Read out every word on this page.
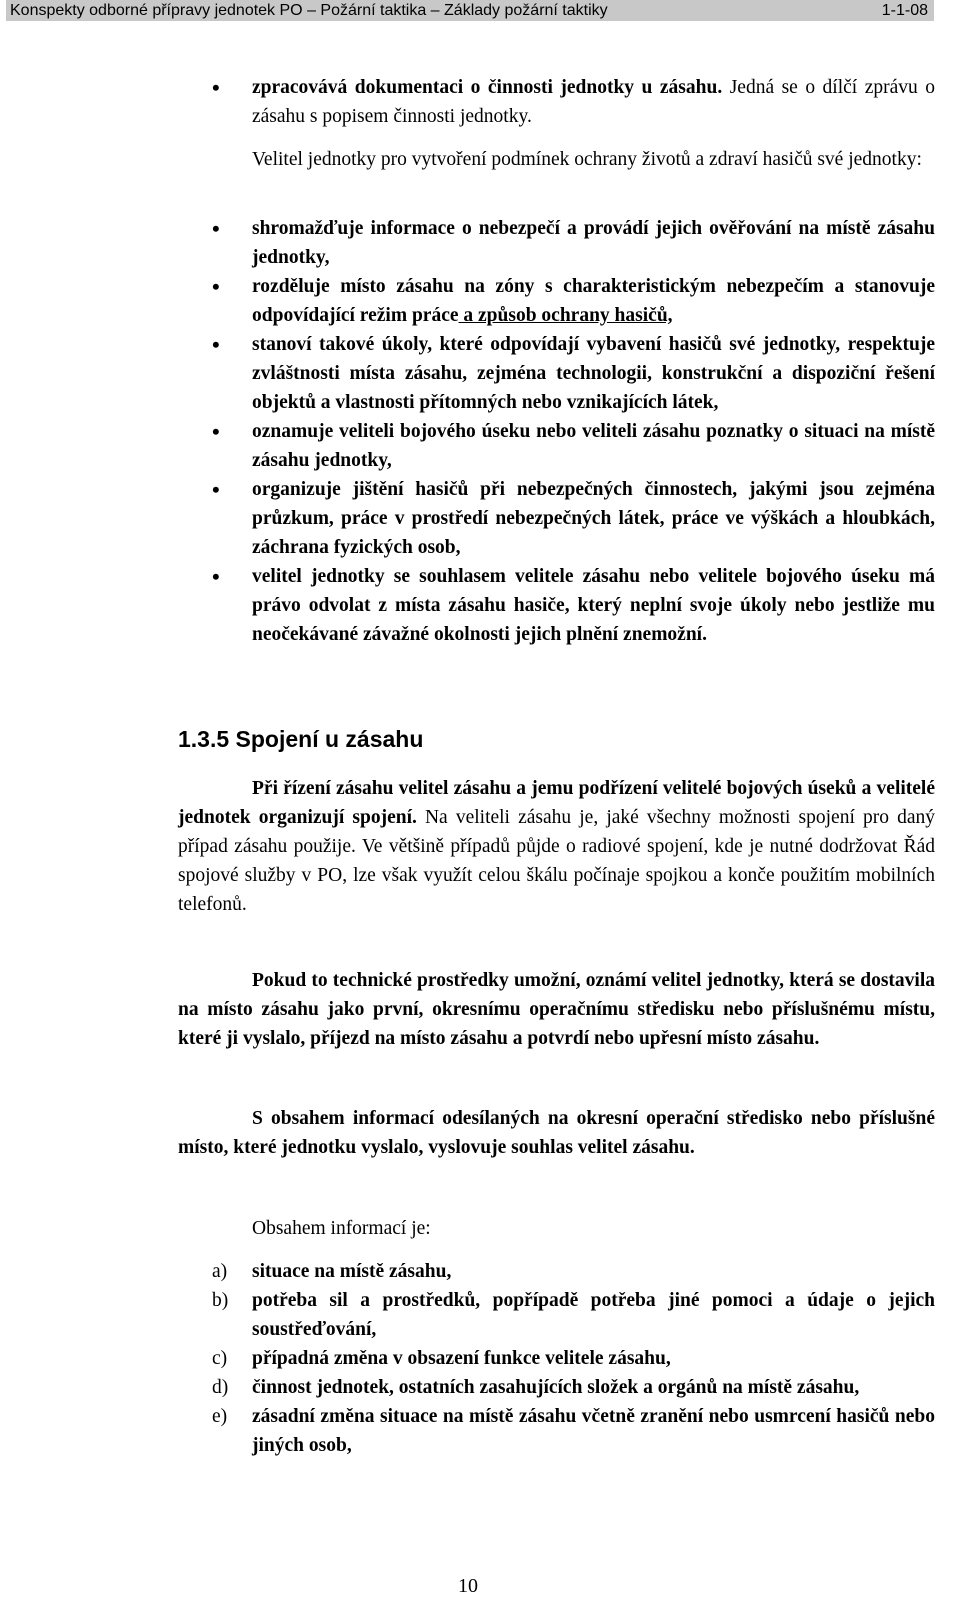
Konspekty odborné přípravy jednotek PO – Požární taktika – Základy požární taktiky	1-1-08
• zpracovává dokumentaci o činnosti jednotky u zásahu. Jedná se o dílčí zprávu o zásahu s popisem činnosti jednotky.

Velitel jednotky pro vytvoření podmínek ochrany životů a zdraví hasičů své jednotky:

• shromažďuje informace o nebezpečí a provádí jejich ověřování na místě zásahu jednotky,
• rozděluje místo zásahu na zóny s charakteristickým nebezpečím a stanovuje odpovídající režim práce a způsob ochrany hasičů,
• stanoví takové úkoly, které odpovídají vybavení hasičů své jednotky, respektuje zvláštnosti místa zásahu, zejména technologii, konstrukční a dispoziční řešení objektů a vlastnosti přítomných nebo vznikajících látek,
• oznamuje veliteli bojového úseku nebo veliteli zásahu poznatky o situaci na místě zásahu jednotky,
• organizuje jištění hasičů při nebezpečných činnostech, jakými jsou zejména průzkum, práce v prostředí nebezpečných látek, práce ve výškách a hloubkách, záchrana fyzických osob,
• velitel jednotky se souhlasem velitele zásahu nebo velitele bojového úseku má právo odvolat z místa zásahu hasiče, který neplní svoje úkoly nebo jestliže mu neočekávané závažné okolnosti jejich plnění znemožní.
1.3.5 Spojení u zásahu

Při řízení zásahu velitel zásahu a jemu podřízení velitelé bojových úseků a velitelé jednotek organizují spojení. Na veliteli zásahu je, jaké všechny možnosti spojení pro daný případ zásahu použije. Ve většině případů půjde o radiové spojení, kde je nutné dodržovat Řád spojové služby v PO, lze však využít celou škálu počínaje spojkou a konče použitím mobilních telefonů.

Pokud to technické prostředky umožní, oznámí velitel jednotky, která se dostavila na místo zásahu jako první, okresnímu operačnímu středisku nebo příslušnému místu, které ji vyslalo, příjezd na místo zásahu a potvrdí nebo upřesní místo zásahu.

S obsahem informací odesílaných na okresní operační středisko nebo příslušné místo, které jednotku vyslalo, vyslovuje souhlas velitel zásahu.

Obsahem informací je:

a) situace na místě zásahu,
b) potřeba sil a prostředků, popřípadě potřeba jiné pomoci a údaje o jejich soustřeďování,
c) případná změna v obsazení funkce velitele zásahu,
d) činnost jednotek, ostatních zasahujících složek a orgánů na místě zásahu,
e) zásadní změna situace na místě zásahu včetně zranění nebo usmrcení hasičů nebo jiných osob,
10
